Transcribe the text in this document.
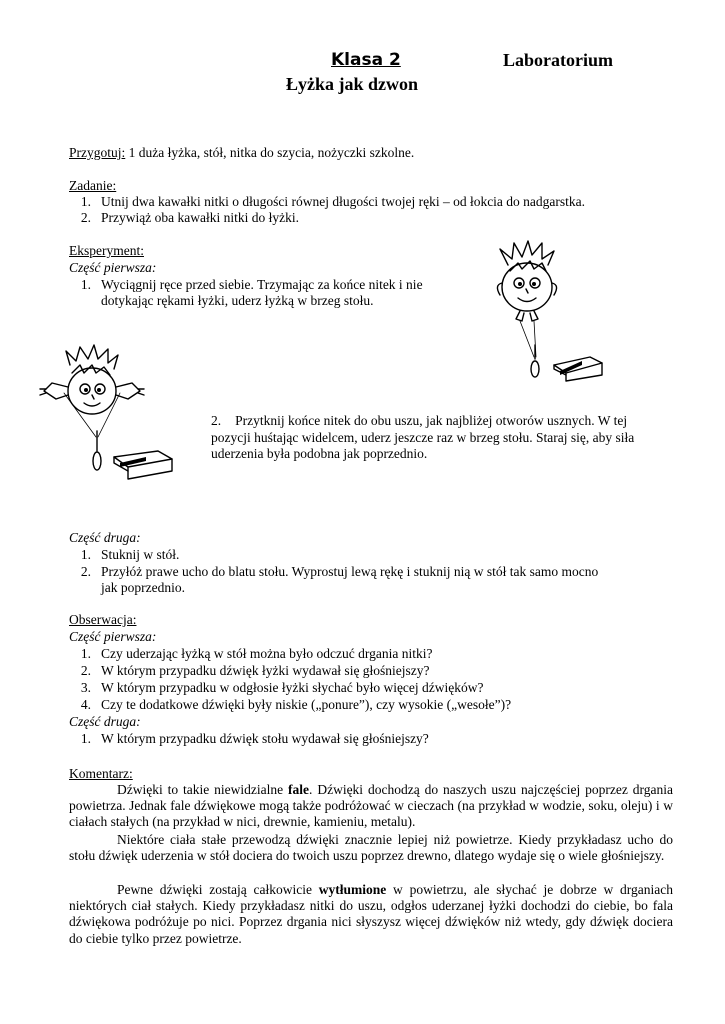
Klasa 2	Laboratorium
Łyżka jak dzwon
Przygotuj: 1 duża łyżka, stół, nitka do szycia, nożyczki szkolne.
Zadanie:
1. Utnij dwa kawałki nitki o długości równej długości twojej ręki – od łokcia do nadgarstka.
2. Przywiąż oba kawałki nitki do łyżki.
Eksperyment:
Część pierwsza:
1. Wyciągnij ręce przed siebie. Trzymając za końce nitek i nie
dotykając rękami łyżki, uderz łyżką w brzeg stołu.
2. Przytknij końce nitek do obu uszu, jak najbliżej otworów usznych. W tej
pozycji huśtając widelcem, uderz jeszcze raz w brzeg stołu. Staraj się, aby siła
uderzenia była podobna jak poprzednio.
Część druga:
1. Stuknij w stół.
2. Przyłóż prawe ucho do blatu stołu. Wyprostuj lewą rękę i stuknij nią w stół tak samo mocno
jak poprzednio.
Obserwacja:
Część pierwsza:
1. Czy uderzając łyżką w stół można było odczuć drgania nitki?
2. W którym przypadku dźwięk łyżki wydawał się głośniejszy?
3. W którym przypadku w odgłosie łyżki słychać było więcej dźwięków?
4. Czy te dodatkowe dźwięki były niskie („ponure”), czy wysokie („wesołe”)?
Część druga:
1. W którym przypadku dźwięk stołu wydawał się głośniejszy?
Komentarz:
Dźwięki to takie niewidzialne fale. Dźwięki dochodzą do naszych uszu najczęściej poprzez drgania powietrza. Jednak fale dźwiękowe mogą także podróżować w cieczach (na przykład w wodzie, soku, oleju) i w ciałach stałych (na przykład w nici, drewnie, kamieniu, metalu).
Niektóre ciała stałe przewodzą dźwięki znacznie lepiej niż powietrze. Kiedy przykładasz ucho do stołu dźwięk uderzenia w stół dociera do twoich uszu poprzez drewno, dlatego wydaje się o wiele głośniejszy.
Pewne dźwięki zostają całkowicie wytłumione w powietrzu, ale słychać je dobrze w drganiach niektórych ciał stałych. Kiedy przykładasz nitki do uszu, odgłos uderzanej łyżki dochodzi do ciebie, bo fala dźwiękowa podróżuje po nici. Poprzez drgania nici słyszysz więcej dźwięków niż wtedy, gdy dźwięk dociera do ciebie tylko przez powietrze.
